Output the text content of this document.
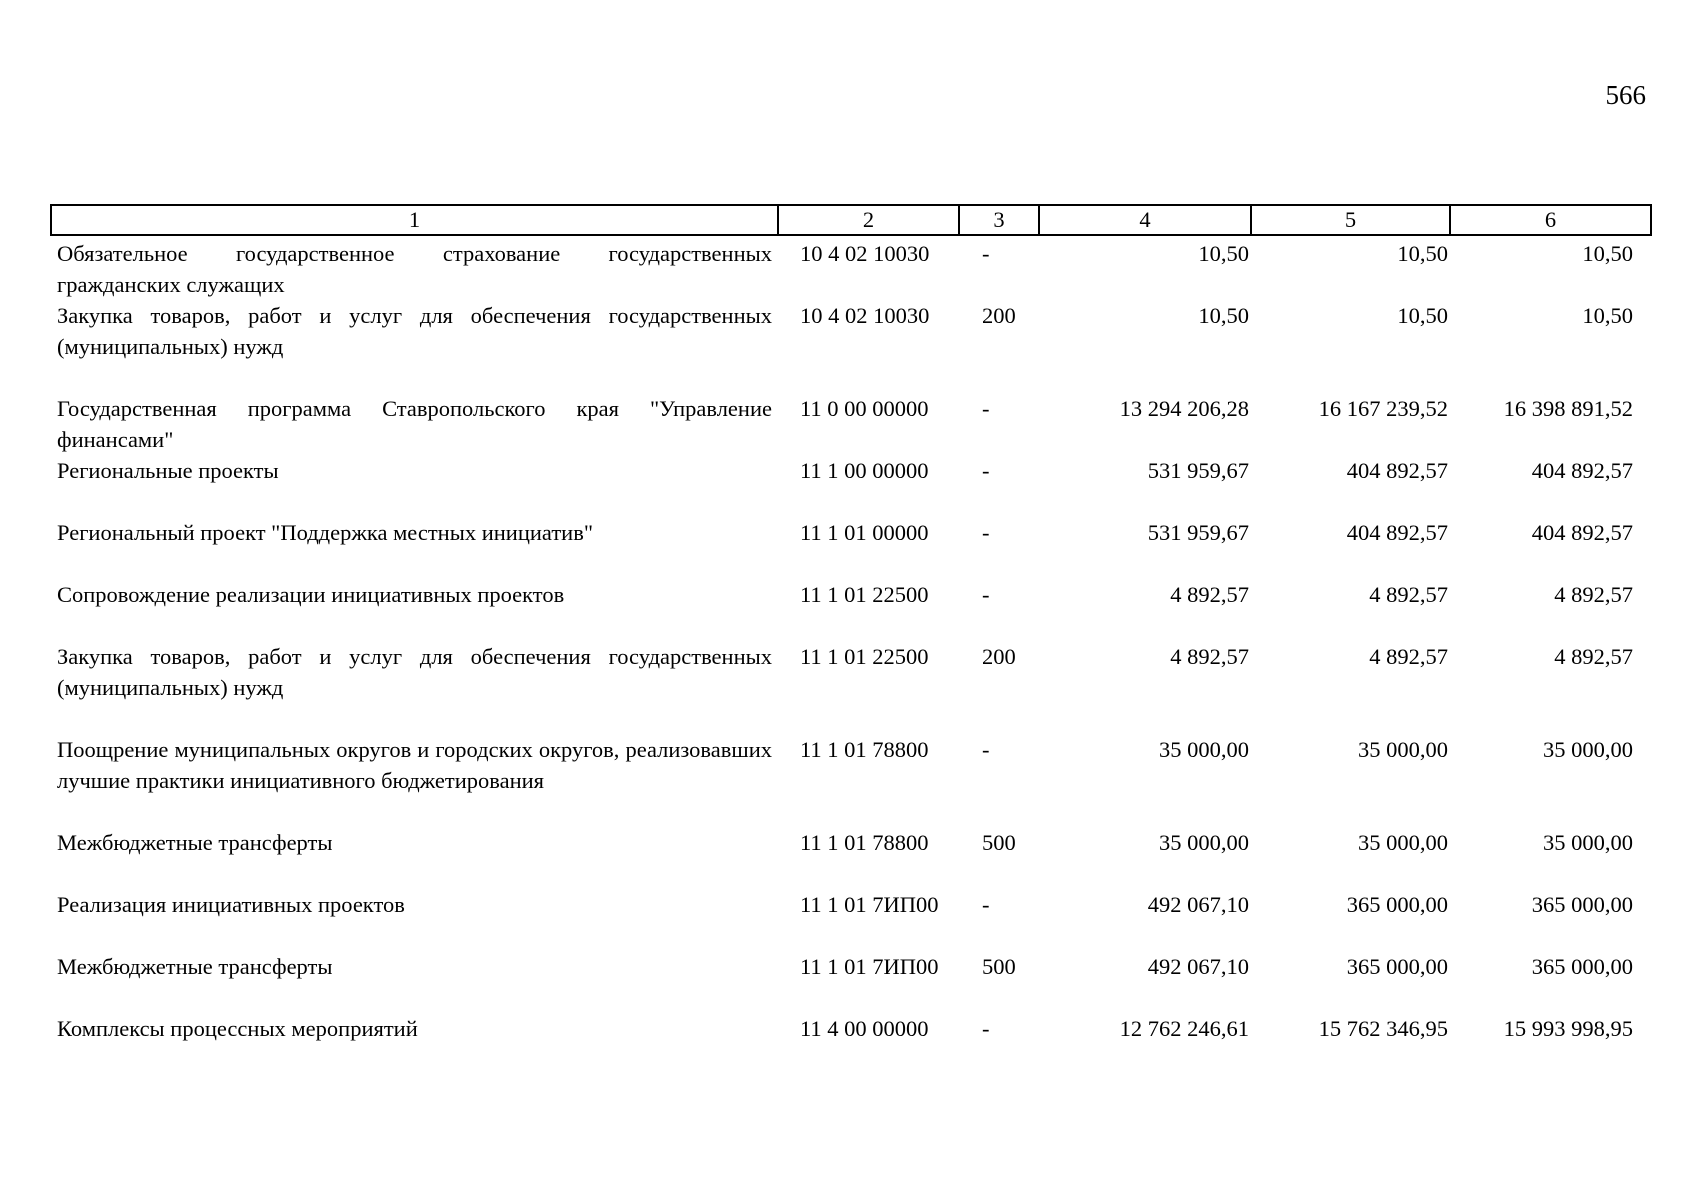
566
1	2	3	4	5	6
Обязательное государственное страхование государственных гражданских служащих	10 4 02 10030	-	10,50	10,50	10,50
Закупка товаров, работ и услуг для обеспечения государственных (муниципальных) нужд	10 4 02 10030	200	10,50	10,50	10,50
Государственная программа Ставропольского края "Управление финансами"	11 0 00 00000	-	13 294 206,28	16 167 239,52	16 398 891,52
Региональные проекты	11 1 00 00000	-	531 959,67	404 892,57	404 892,57
Региональный проект "Поддержка местных инициатив"	11 1 01 00000	-	531 959,67	404 892,57	404 892,57
Сопровождение реализации инициативных проектов	11 1 01 22500	-	4 892,57	4 892,57	4 892,57
Закупка товаров, работ и услуг для обеспечения государственных (муниципальных) нужд	11 1 01 22500	200	4 892,57	4 892,57	4 892,57
Поощрение муниципальных округов и городских округов, реализовавших лучшие практики инициативного бюджетирования	11 1 01 78800	-	35 000,00	35 000,00	35 000,00
Межбюджетные трансферты	11 1 01 78800	500	35 000,00	35 000,00	35 000,00
Реализация инициативных проектов	11 1 01 7ИП00	-	492 067,10	365 000,00	365 000,00
Межбюджетные трансферты	11 1 01 7ИП00	500	492 067,10	365 000,00	365 000,00
Комплексы процессных мероприятий	11 4 00 00000	-	12 762 246,61	15 762 346,95	15 993 998,95
